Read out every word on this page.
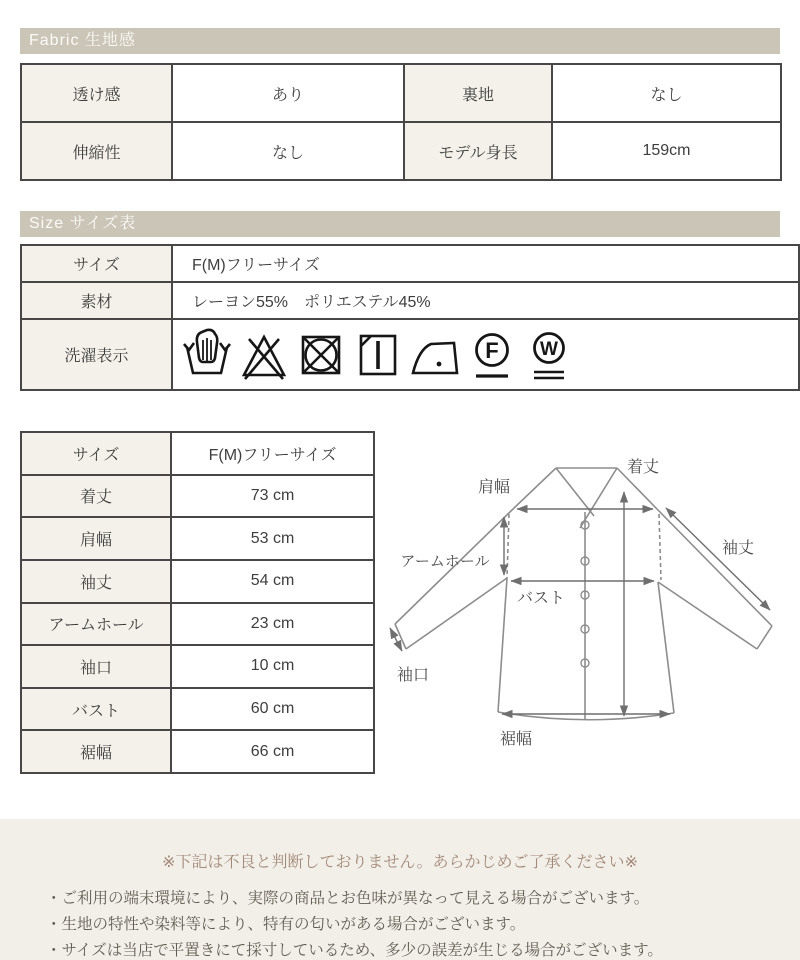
Fabric 生地感
透け感	あり	裏地	なし
伸縮性	なし	モデル身長	159cm
Size サイズ表
サイズ	F(M)フリーサイズ
素材	レーヨン55%　ポリエステル45%
洗濯表示	F W
サイズ	F(M)フリーサイズ
着丈	73 cm
肩幅	53 cm
袖丈	54 cm
アームホール	23 cm
袖口	10 cm
バスト	60 cm
裾幅	66 cm
着丈
肩幅
袖丈
アームホール
バスト
袖口
裾幅
※下記は不良と判断しておりません。あらかじめご了承ください※
・ご利用の端末環境により、実際の商品とお色味が異なって見える場合がございます。
・生地の特性や染料等により、特有の匂いがある場合がございます。
・サイズは当店で平置きにて採寸しているため、多少の誤差が生じる場合がございます。
